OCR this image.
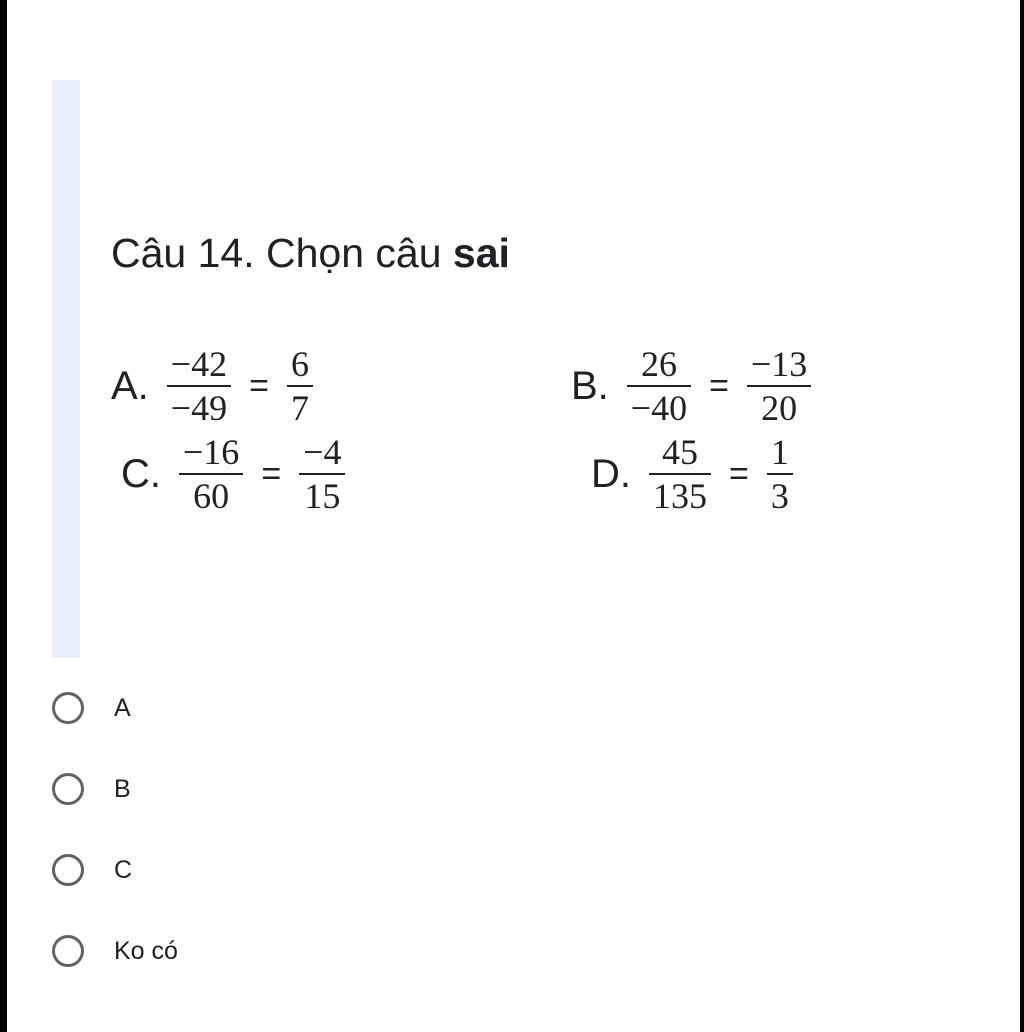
Câu 14. Chọn câu sai
A. $\frac{-42}{-49} = \frac{6}{7}$	B. $\frac{26}{-40} = \frac{-13}{20}$
C. $\frac{-16}{60} = \frac{-4}{15}$	D. $\frac{45}{135} = \frac{1}{3}$
A
B
C
Ko có
